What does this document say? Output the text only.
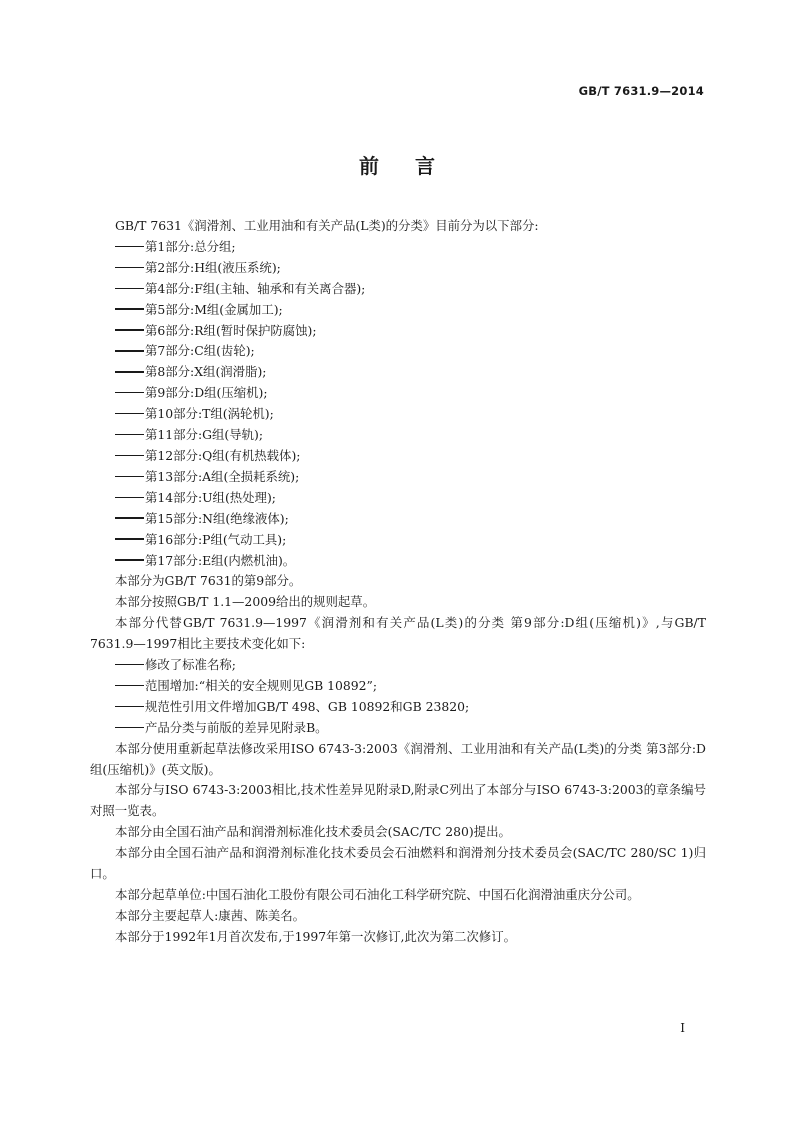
GB/T 7631.9—2014
前言

GB/T 7631《润滑剂、工业用油和有关产品(L类)的分类》目前分为以下部分:

第1部分:总分组;

第2部分:H组(液压系统);

第4部分:F组(主轴、轴承和有关离合器);

第5部分:M组(金属加工);

第6部分:R组(暂时保护防腐蚀);

第7部分:C组(齿轮);

第8部分:X组(润滑脂);

第9部分:D组(压缩机);

第10部分:T组(涡轮机);

第11部分:G组(导轨);

第12部分:Q组(有机热载体);

第13部分:A组(全损耗系统);

第14部分:U组(热处理);

第15部分:N组(绝缘液体);

第16部分:P组(气动工具);

第17部分:E组(内燃机油)。

本部分为GB/T 7631的第9部分。

本部分按照GB/T 1.1—2009给出的规则起草。

本部分代替GB/T 7631.9—1997《润滑剂和有关产品(L类)的分类 第9部分:D组(压缩机)》,与GB/T 7631.9—1997相比主要技术变化如下:

修改了标准名称;

范围增加:“相关的安全规则见GB 10892”;

规范性引用文件增加GB/T 498、GB 10892和GB 23820;

产品分类与前版的差异见附录B。

本部分使用重新起草法修改采用ISO 6743-3:2003《润滑剂、工业用油和有关产品(L类)的分类 第3部分:D组(压缩机)》(英文版)。

本部分与ISO 6743-3:2003相比,技术性差异见附录D,附录C列出了本部分与ISO 6743-3:2003的章条编号对照一览表。

本部分由全国石油产品和润滑剂标准化技术委员会(SAC/TC 280)提出。

本部分由全国石油产品和润滑剂标准化技术委员会石油燃料和润滑剂分技术委员会(SAC/TC 280/SC 1)归口。

本部分起草单位:中国石油化工股份有限公司石油化工科学研究院、中国石化润滑油重庆分公司。

本部分主要起草人:康茜、陈美名。

本部分于1992年1月首次发布,于1997年第一次修订,此次为第二次修订。

I
